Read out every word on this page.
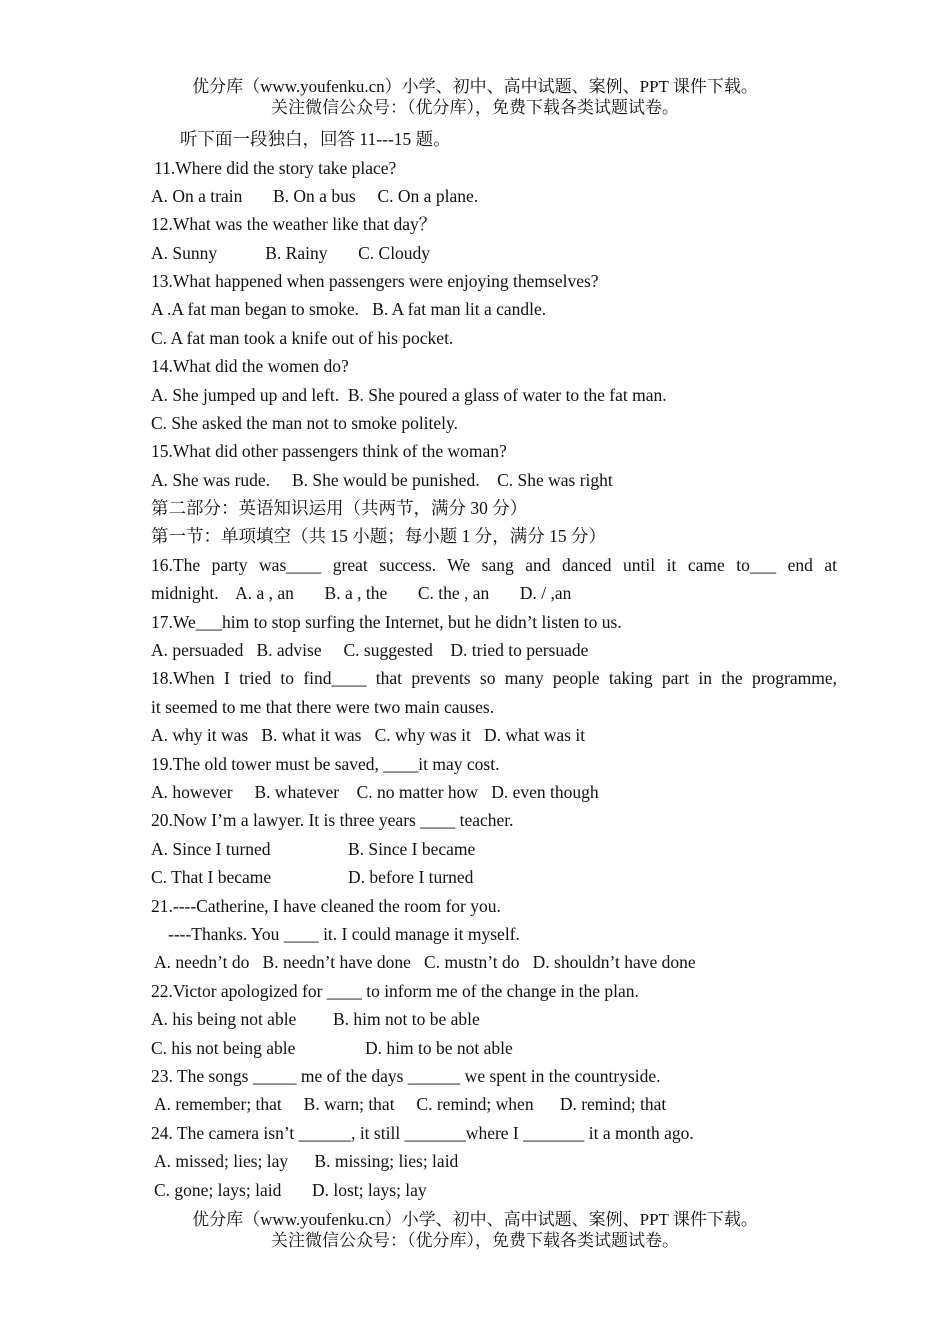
优分库（www.youfenku.cn）小学、初中、高中试题、案例、PPT 课件下载。
关注微信公众号：（优分库），免费下载各类试题试卷。
听下面一段独白，回答 11---15 题。
11.Where did the story take place?
A. On a train       B. On a bus     C. On a plane.
12.What was the weather like that day？
A. Sunny           B. Rainy       C. Cloudy
13.What happened when passengers were enjoying themselves?
A .A fat man began to smoke.   B. A fat man lit a candle.
C. A fat man took a knife out of his pocket.
14.What did the women do?
A. She jumped up and left.  B. She poured a glass of water to the fat man.
C. She asked the man not to smoke politely.
15.What did other passengers think of the woman?
A. She was rude.     B. She would be punished.    C. She was right
第二部分：英语知识运用（共两节，满分 30 分）
第一节：单项填空（共 15 小题；每小题 1 分，满分 15 分）
16.The party was____ great success. We sang and danced until it came to___ end at
midnight.    A. a , an       B. a , the       C. the , an       D. / ,an
17.We___him to stop surfing the Internet, but he didn’t listen to us.
A. persuaded   B. advise     C. suggested    D. tried to persuade
18.When I tried to find____ that prevents so many people taking part in the programme,
it seemed to me that there were two main causes.
A. why it was   B. what it was   C. why was it   D. what was it
19.The old tower must be saved, ____it may cost.
A. however     B. whatever    C. no matter how   D. even though
20.Now I’m a lawyer. It is three years ____ teacher.
A. Since I turned	B. Since I became
C. That I became	D. before I turned
21.----Catherine, I have cleaned the room for you.
----Thanks. You ____ it. I could manage it myself.
A. needn’t do   B. needn’t have done   C. mustn’t do   D. shouldn’t have done
22.Victor apologized for ____ to inform me of the change in the plan.
A. his being not able B. him not to be able
C. his not being able	D. him to be not able
23. The songs _____ me of the days ______ we spent in the countryside.
A. remember; that     B. warn; that     C. remind; when      D. remind; that
24. The camera isn’t ______, it still _______where I _______ it a month ago.
A. missed; lies; lay      B. missing; lies; laid
C. gone; lays; laid       D. lost; lays; lay
优分库（www.youfenku.cn）小学、初中、高中试题、案例、PPT 课件下载。
关注微信公众号：（优分库），免费下载各类试题试卷。
